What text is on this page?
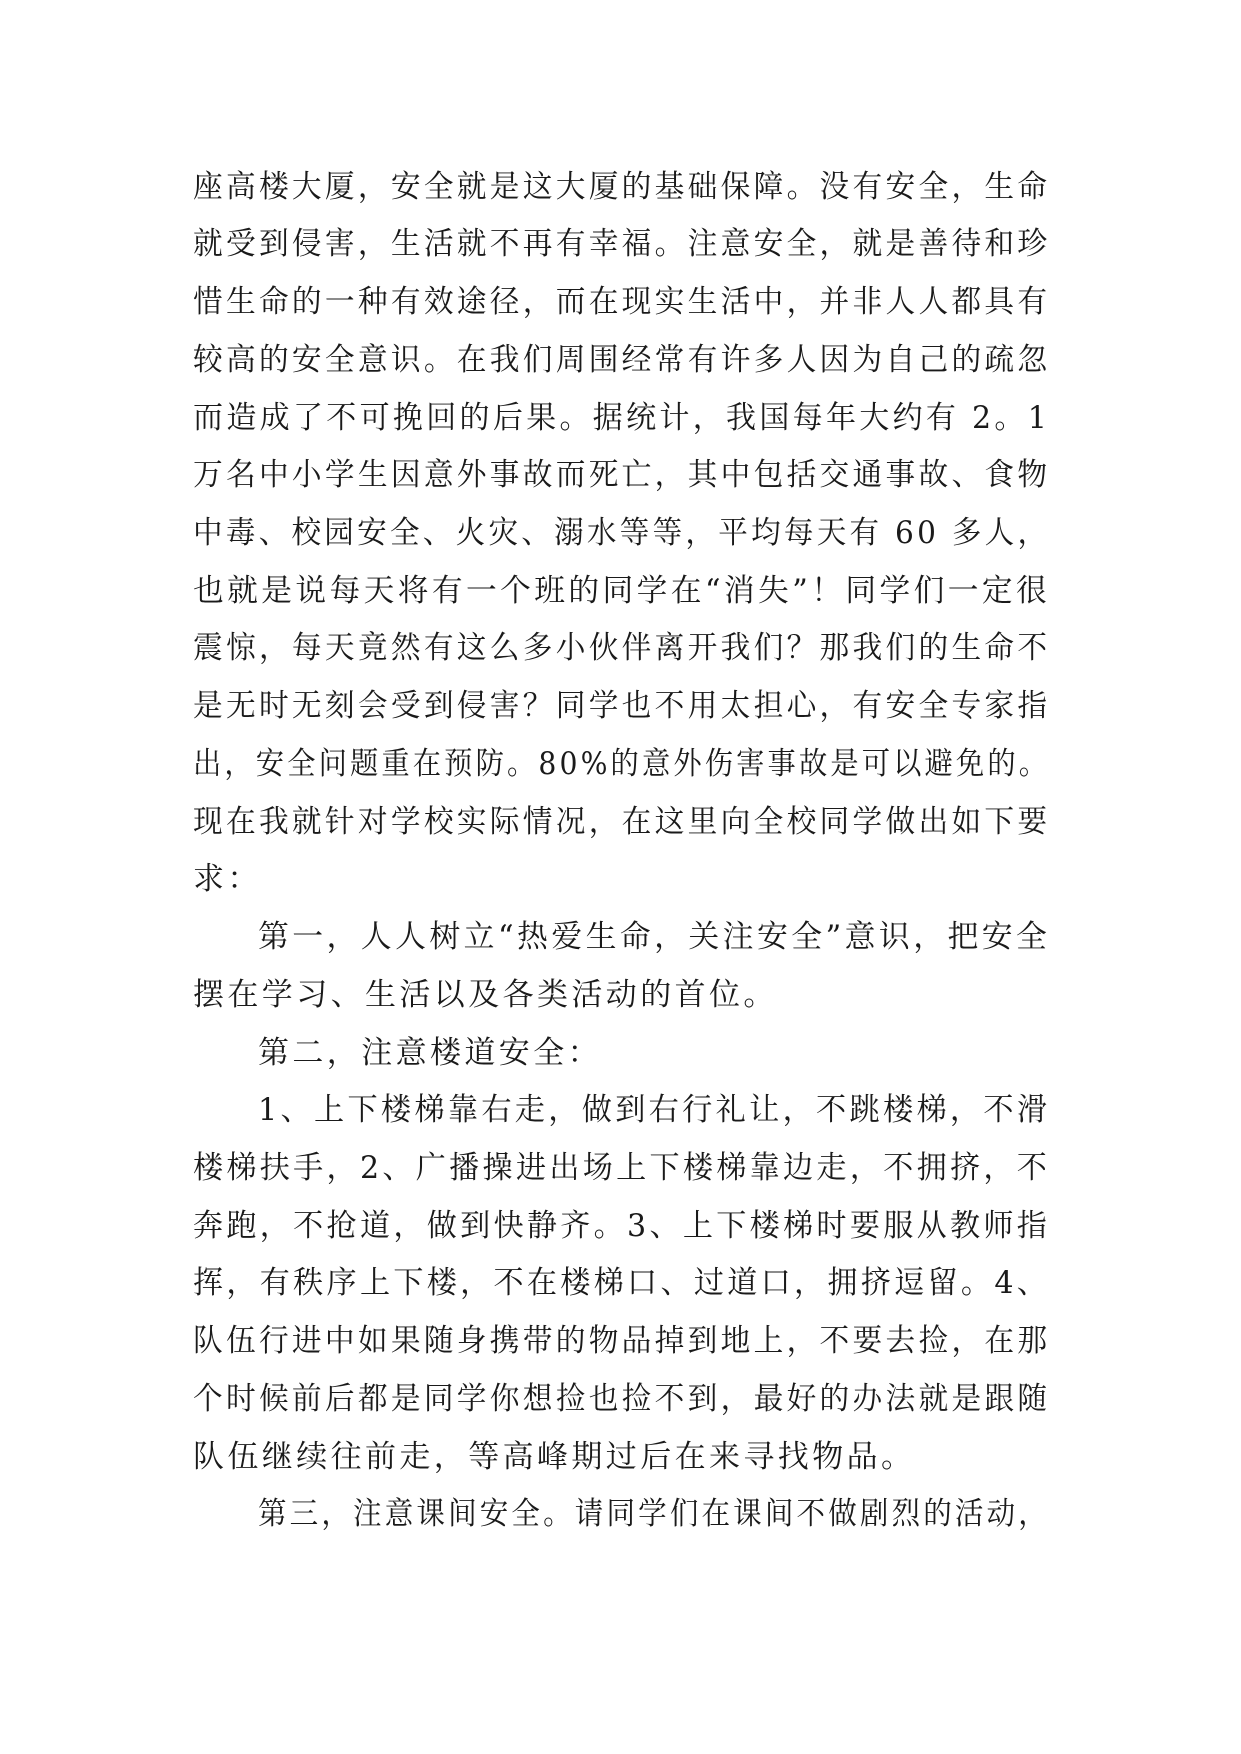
座高楼大厦，安全就是这大厦的基础保障。没有安全，生命
就受到侵害，生活就不再有幸福。注意安全，就是善待和珍
惜生命的一种有效途径，而在现实生活中，并非人人都具有
较高的安全意识。在我们周围经常有许多人因为自己的疏忽
而造成了不可挽回的后果。据统计，我国每年大约有 2。1
万名中小学生因意外事故而死亡，其中包括交通事故、食物
中毒、校园安全、火灾、溺水等等，平均每天有 60 多人，
也就是说每天将有一个班的同学在“消失”！同学们一定很
震惊，每天竟然有这么多小伙伴离开我们？那我们的生命不
是无时无刻会受到侵害？同学也不用太担心，有安全专家指
出，安全问题重在预防。80%的意外伤害事故是可以避免的。
现在我就针对学校实际情况，在这里向全校同学做出如下要
求：
第一，人人树立“热爱生命，关注安全”意识，把安全
摆在学习、生活以及各类活动的首位。
第二，注意楼道安全：
1、上下楼梯靠右走，做到右行礼让，不跳楼梯，不滑
楼梯扶手，2、广播操进出场上下楼梯靠边走，不拥挤，不
奔跑，不抢道，做到快静齐。3、上下楼梯时要服从教师指
挥，有秩序上下楼，不在楼梯口、过道口，拥挤逗留。4、
队伍行进中如果随身携带的物品掉到地上，不要去捡，在那
个时候前后都是同学你想捡也捡不到，最好的办法就是跟随
队伍继续往前走，等高峰期过后在来寻找物品。
第三，注意课间安全。请同学们在课间不做剧烈的活动，
